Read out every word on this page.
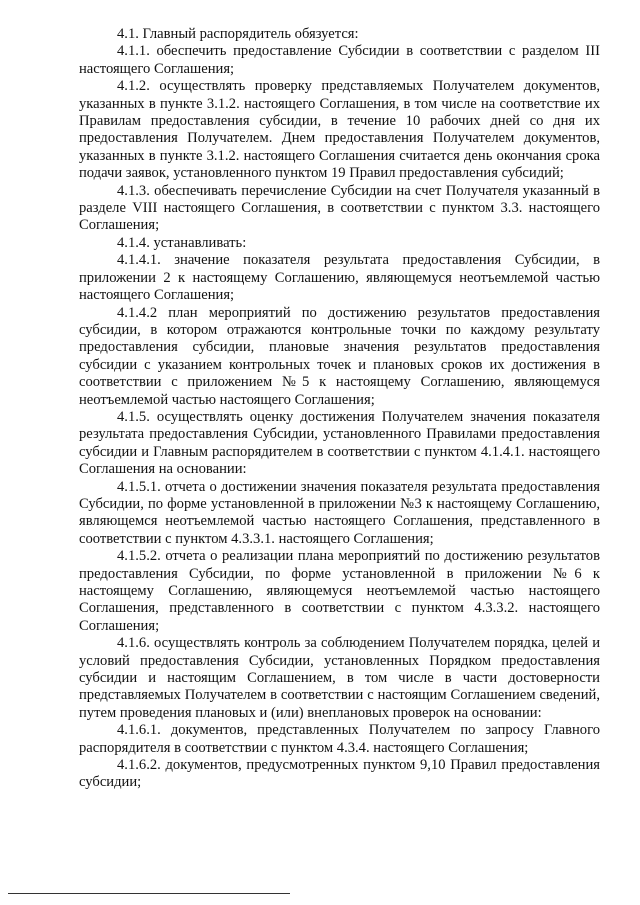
4.1. Главный распорядитель обязуется:

4.1.1. обеспечить предоставление Субсидии в соответствии с разделом III настоящего Соглашения;

4.1.2. осуществлять проверку представляемых Получателем документов, указанных в пункте 3.1.2. настоящего Соглашения, в том числе на соответствие их Правилам предоставления субсидии, в течение 10 рабочих дней со дня их предоставления Получателем. Днем предоставления Получателем документов, указанных в пункте 3.1.2. настоящего Соглашения считается день окончания срока подачи заявок, установленного пунктом 19 Правил предоставления субсидий;

4.1.3. обеспечивать перечисление Субсидии на счет Получателя указанный в разделе VIII настоящего Соглашения, в соответствии с пунктом 3.3. настоящего Соглашения;

4.1.4. устанавливать:

4.1.4.1. значение показателя результата предоставления Субсидии, в приложении 2 к настоящему Соглашению, являющемуся неотъемлемой частью настоящего Соглашения;

4.1.4.2 план мероприятий по достижению результатов предоставления субсидии, в котором отражаются контрольные точки по каждому результату предоставления субсидии, плановые значения результатов предоставления субсидии с указанием контрольных точек и плановых сроков их достижения в соответствии с приложением №5 к настоящему Соглашению, являющемуся неотъемлемой частью настоящего Соглашения;

4.1.5. осуществлять оценку достижения Получателем значения показателя результата предоставления Субсидии, установленного Правилами предоставления субсидии и Главным распорядителем в соответствии с пунктом 4.1.4.1. настоящего Соглашения на основании:

4.1.5.1. отчета о достижении значения показателя результата предоставления Субсидии, по форме установленной в приложении №3 к настоящему Соглашению, являющемся неотъемлемой частью настоящего Соглашения, представленного в соответствии с пунктом 4.3.3.1. настоящего Соглашения;

4.1.5.2. отчета о реализации плана мероприятий по достижению результатов предоставления Субсидии, по форме установленной в приложении №6 к настоящему Соглашению, являющемуся неотъемлемой частью настоящего Соглашения, представленного в соответствии с пунктом 4.3.3.2. настоящего Соглашения;

4.1.6. осуществлять контроль за соблюдением Получателем порядка, целей и условий предоставления Субсидии, установленных Порядком предоставления субсидии и настоящим Соглашением, в том числе в части достоверности представляемых Получателем в соответствии с настоящим Соглашением сведений, путем проведения плановых и (или) внеплановых проверок на основании:

4.1.6.1. документов, представленных Получателем по запросу Главного распорядителя в соответствии с пунктом 4.3.4. настоящего Соглашения;

4.1.6.2. документов, предусмотренных пунктом 9,10 Правил предоставления субсидии;
